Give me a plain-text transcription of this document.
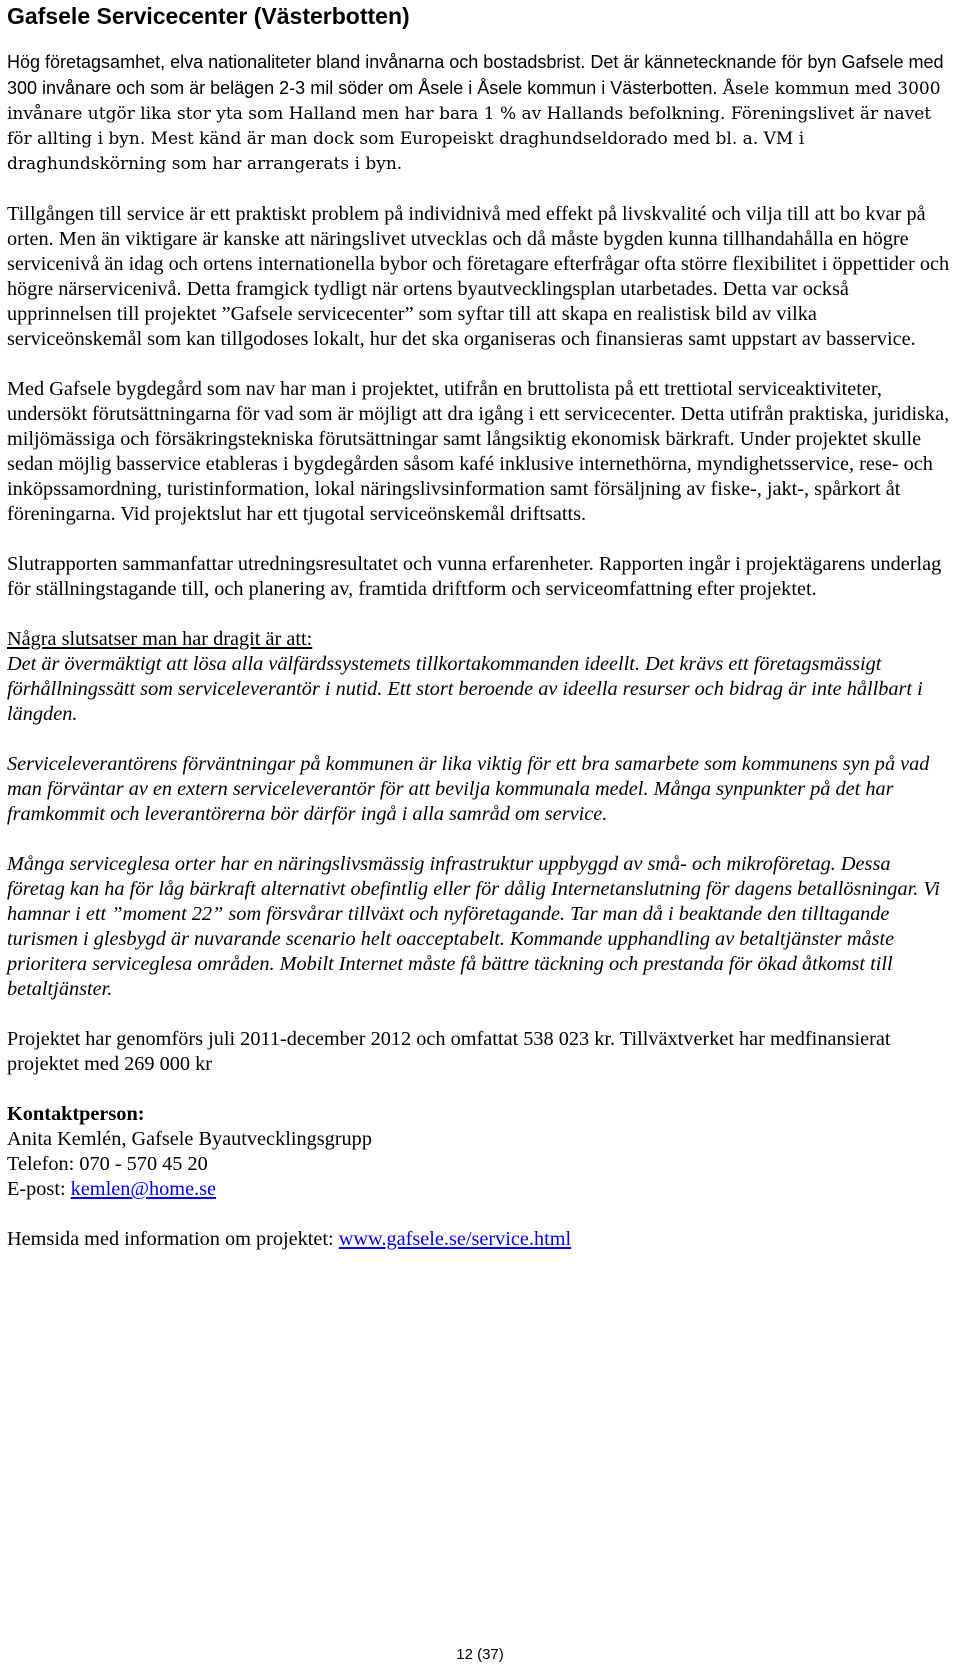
Gafsele Servicecenter (Västerbotten)

Hög företagsamhet, elva nationaliteter bland invånarna och bostadsbrist. Det är kännetecknande för byn Gafsele med 300 invånare och som är belägen 2-3 mil söder om Åsele i Åsele kommun i Västerbotten. Åsele kommun med 3000 invånare utgör lika stor yta som Halland men har bara 1 % av Hallands befolkning. Föreningslivet är navet för allting i byn. Mest känd är man dock som Europeiskt draghundseldorado med bl. a. VM i draghundskörning som har arrangerats i byn.

Tillgången till service är ett praktiskt problem på individnivå med effekt på livskvalité och vilja till att bo kvar på orten. Men än viktigare är kanske att näringslivet utvecklas och då måste bygden kunna tillhandahålla en högre servicenivå än idag och ortens internationella bybor och företagare efterfrågar ofta större flexibilitet i öppettider och högre närservicenivå. Detta framgick tydligt när ortens byautvecklingsplan utarbetades. Detta var också upprinnelsen till projektet ”Gafsele servicecenter” som syftar till att skapa en realistisk bild av vilka serviceönskemål som kan tillgodoses lokalt, hur det ska organiseras och finansieras samt uppstart av basservice.

Med Gafsele bygdegård som nav har man i projektet, utifrån en bruttolista på ett trettiotal serviceaktiviteter, undersökt förutsättningarna för vad som är möjligt att dra igång i ett servicecenter. Detta utifrån praktiska, juridiska, miljömässiga och försäkringstekniska förutsättningar samt långsiktig ekonomisk bärkraft. Under projektet skulle sedan möjlig basservice etableras i bygdegården såsom kafé inklusive internethörna, myndighetsservice, rese- och inköpssamordning, turistinformation, lokal näringslivsinformation samt försäljning av fiske-, jakt-, spårkort åt föreningarna. Vid projektslut har ett tjugotal serviceönskemål driftsatts.

Slutrapporten sammanfattar utredningsresultatet och vunna erfarenheter. Rapporten ingår i projektägarens underlag för ställningstagande till, och planering av, framtida driftform och serviceomfattning efter projektet.

Några slutsatser man har dragit är att:

Det är övermäktigt att lösa alla välfärdssystemets tillkortakommanden ideellt. Det krävs ett företagsmässigt förhållningssätt som serviceleverantör i nutid. Ett stort beroende av ideella resurser och bidrag är inte hållbart i längden.

Serviceleverantörens förväntningar på kommunen är lika viktig för ett bra samarbete som kommunens syn på vad man förväntar av en extern serviceleverantör för att bevilja kommunala medel. Många synpunkter på det har framkommit och leverantörerna bör därför ingå i alla samråd om service.

Många serviceglesa orter har en näringslivsmässig infrastruktur uppbyggd av små- och mikroföretag. Dessa företag kan ha för låg bärkraft alternativt obefintlig eller för dålig Internetanslutning för dagens betallösningar. Vi hamnar i ett ”moment 22” som försvårar tillväxt och nyföretagande. Tar man då i beaktande den tilltagande turismen i glesbygd är nuvarande scenario helt oacceptabelt. Kommande upphandling av betaltjänster måste prioritera serviceglesa områden. Mobilt Internet måste få bättre täckning och prestanda för ökad åtkomst till betaltjänster.

Projektet har genomförs juli 2011-december 2012 och omfattat 538 023 kr. Tillväxtverket har medfinansierat projektet med 269 000 kr

Kontaktperson:

Anita Kemlén, Gafsele Byautvecklingsgrupp

Telefon: 070 - 570 45 20

E-post: kemlen@home.se

Hemsida med information om projektet: www.gafsele.se/service.html

12 (37)
